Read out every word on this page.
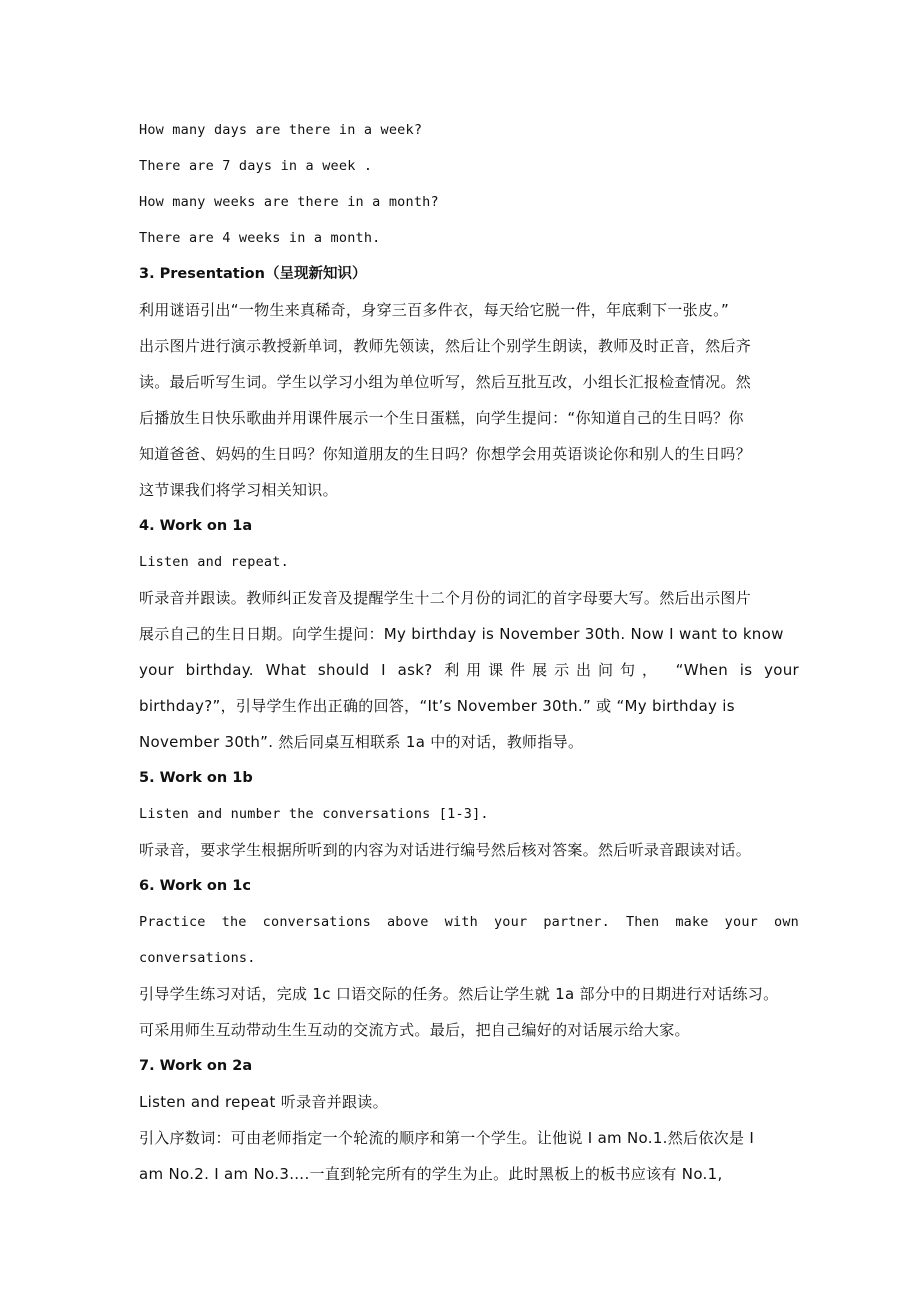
How many days are there in a week?
There are 7 days in a week .
How many weeks are there in a month?
There are 4 weeks in a month.
3. Presentation（呈现新知识）
利用谜语引出“一物生来真稀奇，身穿三百多件衣，每天给它脱一件，年底剩下一张皮。”
出示图片进行演示教授新单词，教师先领读，然后让个别学生朗读，教师及时正音，然后齐
读。最后听写生词。学生以学习小组为单位听写，然后互批互改，小组长汇报检查情况。然
后播放生日快乐歌曲并用课件展示一个生日蛋糕，向学生提问：“你知道自己的生日吗？你
知道爸爸、妈妈的生日吗？你知道朋友的生日吗？你想学会用英语谈论你和别人的生日吗？
这节课我们将学习相关知识。
4. Work on 1a
Listen and repeat.
听录音并跟读。教师纠正发音及提醒学生十二个月份的词汇的首字母要大写。然后出示图片
展示自己的生日日期。向学生提问：My birthday is November 30th. Now I want to know
your birthday. What should I ask? 利用课件展示出问句， “When is your
birthday?”，引导学生作出正确的回答，“It’s November 30th.” 或 “My birthday is
November 30th”. 然后同桌互相联系 1a 中的对话，教师指导。
5. Work on 1b
Listen and number the conversations [1-3].
听录音，要求学生根据所听到的内容为对话进行编号然后核对答案。然后听录音跟读对话。
6. Work on 1c
Practice the conversations above with your partner. Then make your own
conversations.
引导学生练习对话，完成 1c 口语交际的任务。然后让学生就 1a 部分中的日期进行对话练习。
可采用师生互动带动生生互动的交流方式。最后，把自己编好的对话展示给大家。
7. Work on 2a
Listen and repeat 听录音并跟读。
引入序数词：可由老师指定一个轮流的顺序和第一个学生。让他说 I am No.1.然后依次是 I
am No.2. I am No.3….一直到轮完所有的学生为止。此时黑板上的板书应该有 No.1,
